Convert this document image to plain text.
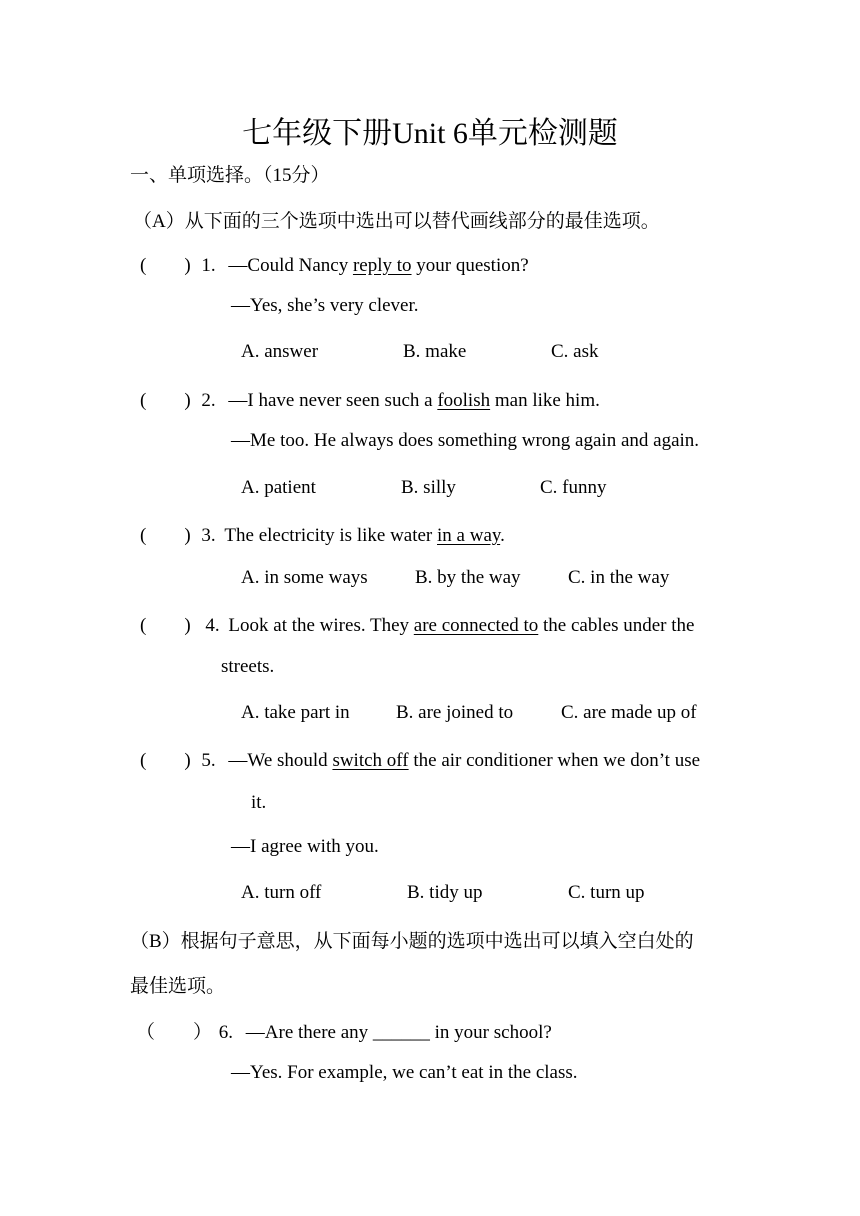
七年级下册Unit 6单元检测题
一、单项选择。（15分）
（A）从下面的三个选项中选出可以替代画线部分的最佳选项。
(　　) 1. —Could Nancy reply to your question?
—Yes, she’s very clever.
A. answer	B. make	C. ask
(　　) 2. —I have never seen such a foolish man like him.
—Me too. He always does something wrong again and again.
A. patient	B. silly	C. funny
(　　) 3. The electricity is like water in a way.
A. in some ways B. by the way C. in the way
(　　) 4. Look at the wires. They are connected to the cables under the
streets.
A. take part in B. are joined to	C. are made up of
(　　) 5. —We should switch off the air conditioner when we don’t use
it.
—I agree with you.
A. turn off	B. tidy up	C. turn up
（B）根据句子意思，从下面每小题的选项中选出可以填入空白处的
最佳选项。
（　　） 6. —Are there any ______ in your school?
—Yes. For example, we can’t eat in the class.
